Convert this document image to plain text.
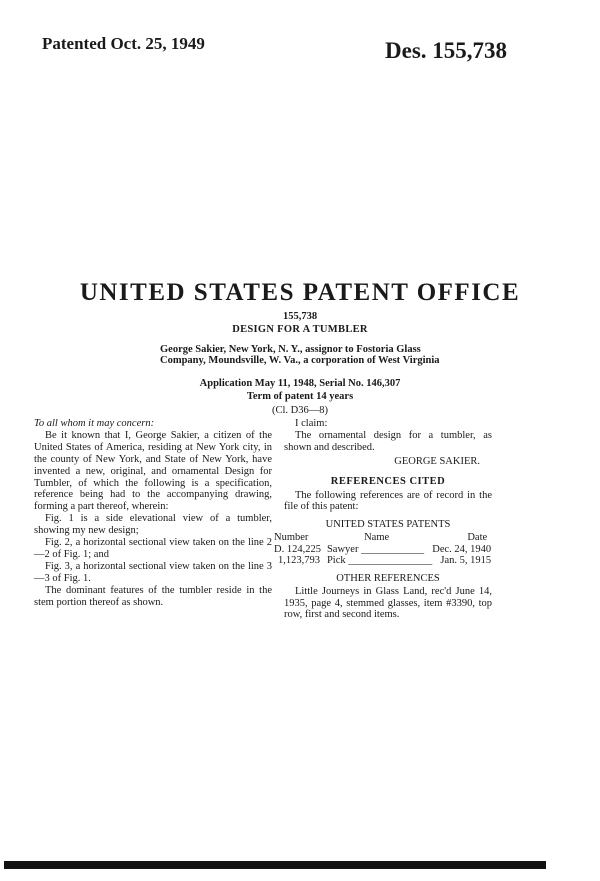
Patented Oct. 25, 1949	Des. 155,738
UNITED STATES PATENT OFFICE
155,738
DESIGN FOR A TUMBLER
George Sakier, New York, N. Y., assignor to Fostoria Glass Company, Moundsville, W. Va., a corporation of West Virginia
Application May 11, 1948, Serial No. 146,307
Term of patent 14 years
(Cl. D36—8)

To all whom it may concern:

Be it known that I, George Sakier, a citizen of the United States of America, residing at New York city, in the county of New York, and State of New York, have invented a new, original, and ornamental Design for Tumbler, of which the following is a specification, reference being had to the accompanying drawing, forming a part thereof, wherein:

Fig. 1 is a side elevational view of a tumbler, showing my new design;

Fig. 2, a horizontal sectional view taken on the line 2—2 of Fig. 1; and

Fig. 3, a horizontal sectional view taken on the line 3—3 of Fig. 1.

The dominant features of the tumbler reside in the stem portion thereof as shown.

I claim:

The ornamental design for a tumbler, as shown and described.

GEORGE SAKIER.

REFERENCES CITED

The following references are of record in the file of this patent:

UNITED STATES PATENTS

Number	Name	Date
D. 124,225	Sawyer ____________	Dec. 24, 1940
1,123,793	Pick ________________	Jan. 5, 1915

OTHER REFERENCES

Little Journeys in Glass Land, rec'd June 14, 1935, page 4, stemmed glasses, item #3390, top row, first and second items.
